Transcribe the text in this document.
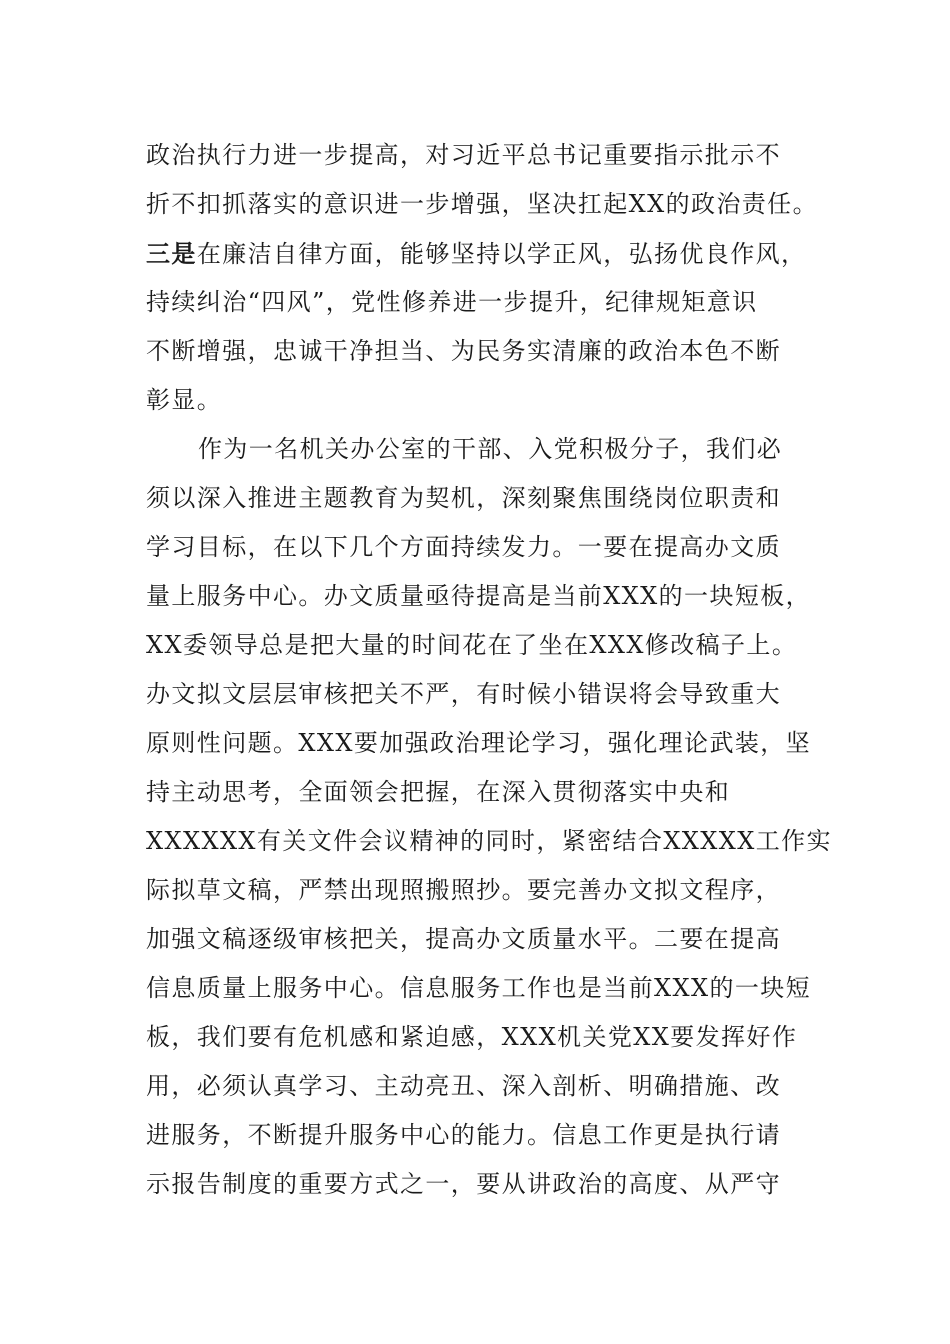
政治执行力进一步提高，对习近平总书记重要指示批示不
折不扣抓落实的意识进一步增强，坚决扛起XX的政治责任。
三是在廉洁自律方面，能够坚持以学正风，弘扬优良作风，
持续纠治“四风”，党性修养进一步提升，纪律规矩意识
不断增强，忠诚干净担当、为民务实清廉的政治本色不断
彰显。
作为一名机关办公室的干部、入党积极分子，我们必
须以深入推进主题教育为契机，深刻聚焦围绕岗位职责和
学习目标，在以下几个方面持续发力。一要在提高办文质
量上服务中心。办文质量亟待提高是当前XXX的一块短板，
XX委领导总是把大量的时间花在了坐在XXX修改稿子上。
办文拟文层层审核把关不严，有时候小错误将会导致重大
原则性问题。XXX要加强政治理论学习，强化理论武装，坚
持主动思考，全面领会把握，在深入贯彻落实中央和
XXXXXX有关文件会议精神的同时，紧密结合XXXXX工作实
际拟草文稿，严禁出现照搬照抄。要完善办文拟文程序，
加强文稿逐级审核把关，提高办文质量水平。二要在提高
信息质量上服务中心。信息服务工作也是当前XXX的一块短
板，我们要有危机感和紧迫感，XXX机关党XX要发挥好作
用，必须认真学习、主动亮丑、深入剖析、明确措施、改
进服务，不断提升服务中心的能力。信息工作更是执行请
示报告制度的重要方式之一，要从讲政治的高度、从严守
